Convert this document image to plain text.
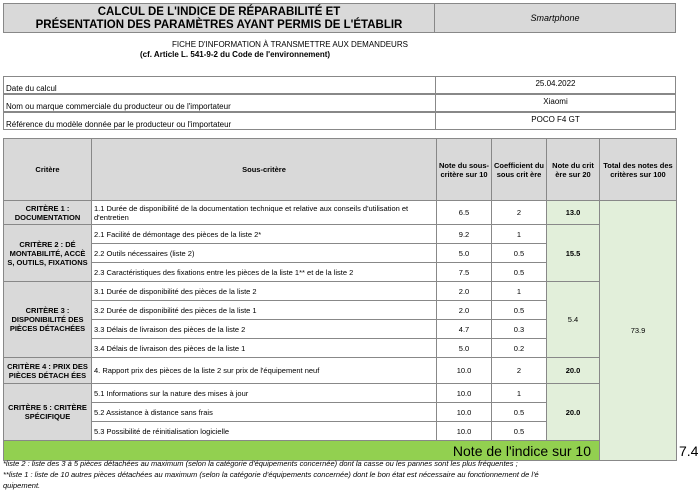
CALCUL DE L'INDICE DE RÉPARABILITÉ ET
PRÉSENTATION DES PARAMÈTRES AYANT PERMIS DE L'ÉTABLIR
Smartphone
FICHE D'INFORMATION À TRANSMETTRE AUX DEMANDEURS
(cf. Article L. 541-9-2 du Code de l'environnement)
Date du calcul
25.04.2022
Nom ou marque commerciale du producteur ou de l'importateur
Xiaomi
Référence du modèle donnée par le producteur ou l'importateur
POCO F4 GT
Critère	Sous-critère	Note du sous-critère sur 10	Coefficient du sous crit ère	Note du crit ère sur 20	Total des notes des critères sur 100	
CRITÈRE 1 : DOCUMENTATION	1.1 Durée de disponibilité de la documentation technique et relative aux conseils d'utilisation et d'entretien	6.5	2	13.0	73.9	
CRITÈRE 2 : DÉ MONTABILITÉ, ACCÈ S, OUTILS, FIXATIONS	2.1 Facilité de démontage des pièces de la liste 2*	9.2	1	15.5		
	2.2 Outils nécessaires (liste 2)	5.0	0.5			
	2.3 Caractéristiques des fixations entre les pièces de la liste 1** et de la liste 2	7.5	0.5			
CRITÈRE 3 : DISPONIBILITÉ DES PIÈCES DÉTACHÉES	3.1 Durée de disponibilité des pièces de la liste 2	2.0	1	5.4		
	3.2 Durée de disponibilité des pièces de la liste 1	2.0	0.5			
	3.3 Délais de livraison des pièces de la liste 2	4.7	0.3			
	3.4 Délais de livraison des pièces de la liste 1	5.0	0.2			
CRITÈRE 4 : PRIX DES PIÈCES DÉTACH ÉES	4. Rapport prix des pièces de la liste 2 sur prix de l'équipement neuf	10.0	2	20.0		
CRITÈRE 5 : CRITÈRE SPÉCIFIQUE	5.1 Informations sur la nature des mises à jour	10.0	1	20.0		
	5.2 Assistance à distance sans frais	10.0	0.5			
	5.3 Possibilité de réinitialisation logicielle	10.0	0.5			
Note de l'indice sur 10						7.4
*liste 2 : liste des 3 à 5 pièces détachées au maximum (selon la catégorie d'équipements concernée) dont la casse ou les pannes sont les plus fréquentes ;
**liste 1 : liste de 10 autres pièces détachées au maximum (selon la catégorie d'équipements concernée) dont le bon état est nécessaire au fonctionnement de l'é
quipement.
